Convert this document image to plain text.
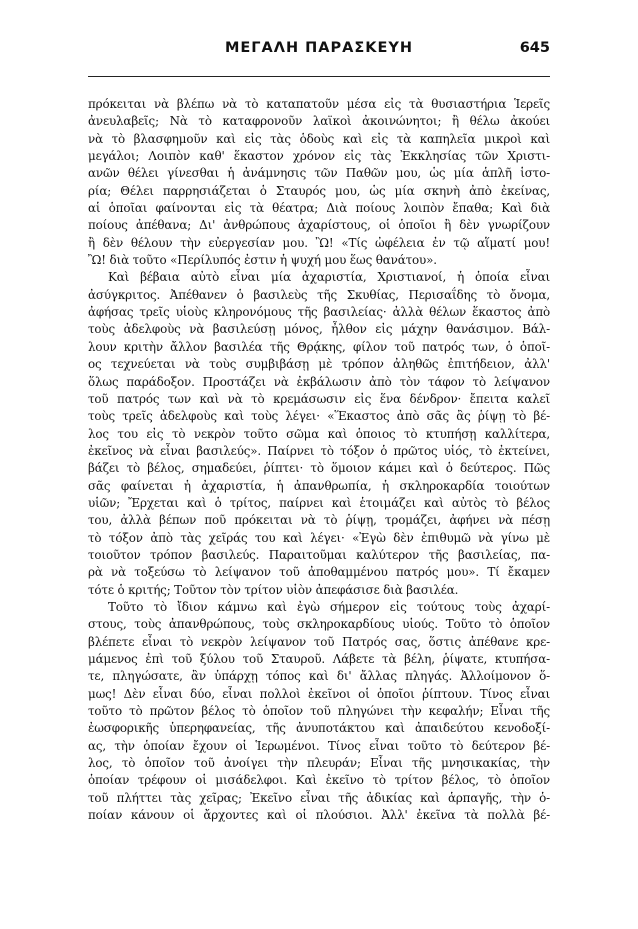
ΜΕΓΑΛΗ ΠΑΡΑΣΚΕΥΗ	645
πρόκειται νὰ βλέπω νὰ τὸ καταπατοῦν μέσα εἰς τὰ θυσιαστήρια Ἱερεῖς
ἀνευλαβεῖς; Νὰ τὸ καταφρονοῦν λαϊκοὶ ἀκοινώνητοι; ἢ θέλω ἀκούει
νὰ τὸ βλασφημοῦν καὶ εἰς τὰς ὁδοὺς καὶ εἰς τὰ καπηλεῖα μικροὶ καὶ
μεγάλοι; Λοιπὸν καθ' ἕκαστον χρόνον εἰς τὰς Ἐκκλησίας τῶν Χριστι-
ανῶν θέλει γίνεσθαι ἡ ἀνάμνησις τῶν Παθῶν μου, ὡς μία ἁπλῆ ἱστο-
ρία; Θέλει παρρησιάζεται ὁ Σταυρός μου, ὡς μία σκηνὴ ἀπὸ ἐκείνας,
αἱ ὁποῖαι φαίνονται εἰς τὰ θέατρα; Διὰ ποίους λοιπὸν ἔπαθα; Καὶ διὰ
ποίους ἀπέθανα; Δι' ἀνθρώπους ἀχαρίστους, οἱ ὁποῖοι ἢ δὲν γνωρίζουν
ἢ δὲν θέλουν τὴν εὐεργεσίαν μου. Ὢ! «Τίς ὠφέλεια ἐν τῷ αἵματί μου!
Ὢ! διὰ τοῦτο «Περίλυπός ἐστιν ἡ ψυχή μου ἕως θανάτου».
Καὶ βέβαια αὐτὸ εἶναι μία ἀχαριστία, Χριστιανοί, ἡ ὁποία εἶναι
ἀσύγκριτος. Ἀπέθανεν ὁ βασιλεὺς τῆς Σκυθίας, Περισαΐδης τὸ ὄνομα,
ἀφήσας τρεῖς υἱοὺς κληρονόμους τῆς βασιλείας· ἀλλὰ θέλων ἕκαστος ἀπὸ
τοὺς ἀδελφοὺς νὰ βασιλεύσῃ μόνος, ἦλθον εἰς μάχην θανάσιμον. Βάλ-
λουν κριτὴν ἄλλον βασιλέα τῆς Θρᾴκης, φίλον τοῦ πατρός των, ὁ ὁποῖ-
ος τεχνεύεται νὰ τοὺς συμβιβάσῃ μὲ τρόπον ἀληθῶς ἐπιτήδειον, ἀλλ'
ὅλως παράδοξον. Προστάζει νὰ ἐκβάλωσιν ἀπὸ τὸν τάφον τὸ λείψανον
τοῦ πατρός των καὶ νὰ τὸ κρεμάσωσιν εἰς ἕνα δένδρον· ἔπειτα καλεῖ
τοὺς τρεῖς ἀδελφοὺς καὶ τοὺς λέγει· «Ἕκαστος ἀπὸ σᾶς ἂς ῥίψῃ τὸ βέ-
λος του εἰς τὸ νεκρὸν τοῦτο σῶμα καὶ ὁποιος τὸ κτυπήσῃ καλλίτερα,
ἐκεῖνος νὰ εἶναι βασιλεύς». Παίρνει τὸ τόξον ὁ πρῶτος υἱός, τὸ ἐκτείνει,
βάζει τὸ βέλος, σημαδεύει, ῥίπτει· τὸ ὅμοιον κάμει καὶ ὁ δεύτερος. Πῶς
σᾶς φαίνεται ἡ ἀχαριστία, ἡ ἀπανθρωπία, ἡ σκληροκαρδία τοιούτων
υἱῶν; Ἔρχεται καὶ ὁ τρίτος, παίρνει καὶ ἑτοιμάζει καὶ αὐτὸς τὸ βέλος
του, ἀλλὰ βέπων ποῦ πρόκειται νὰ τὸ ῥίψῃ, τρομάζει, ἀφήνει νὰ πέσῃ
τὸ τόξον ἀπὸ τὰς χεῖράς του καὶ λέγει· «Ἐγὼ δὲν ἐπιθυμῶ νὰ γίνω μὲ
τοιοῦτον τρόπον βασιλεύς. Παραιτοῦμαι καλύτερον τῆς βασιλείας, πα-
ρὰ νὰ τοξεύσω τὸ λείψανον τοῦ ἀποθαμμένου πατρός μου». Τί ἔκαμεν
τότε ὁ κριτής; Τοῦτον τὸν τρίτον υἱὸν ἀπεφάσισε διὰ βασιλέα.
Τοῦτο τὸ ἴδιον κάμνω καὶ ἐγὼ σήμερον εἰς τούτους τοὺς ἀχαρί-
στους, τοὺς ἀπανθρώπους, τοὺς σκληροκαρδίους υἱούς. Τοῦτο τὸ ὁποῖον
βλέπετε εἶναι τὸ νεκρὸν λείψανον τοῦ Πατρός σας, ὅστις ἀπέθανε κρε-
μάμενος ἐπὶ τοῦ ξύλου τοῦ Σταυροῦ. Λάβετε τὰ βέλη, ῥίψατε, κτυπήσα-
τε, πληγώσατε, ἂν ὑπάρχῃ τόπος καὶ δι' ἄλλας πληγάς. Ἀλλοίμονον ὅ-
μως! Δὲν εἶναι δύο, εἶναι πολλοὶ ἐκεῖνοι οἱ ὁποῖοι ῥίπτουν. Τίνος εἶναι
τοῦτο τὸ πρῶτον βέλος τὸ ὁποῖον τοῦ πληγώνει τὴν κεφαλήν; Εἶναι τῆς
ἐωσφορικῆς ὑπερηφανείας, τῆς ἀνυποτάκτου καὶ ἀπαιδεύτου κενοδοξί-
ας, τὴν ὁποίαν ἔχουν οἱ Ἱερωμένοι. Τίνος εἶναι τοῦτο τὸ δεύτερον βέ-
λος, τὸ ὁποῖον τοῦ ἀνοίγει τὴν πλευράν; Εἶναι τῆς μνησικακίας, τὴν
ὁποίαν τρέφουν οἱ μισάδελφοι. Καὶ ἐκεῖνο τὸ τρίτον βέλος, τὸ ὁποῖον
τοῦ πλήττει τὰς χεῖρας; Ἐκεῖνο εἶναι τῆς ἀδικίας καὶ ἁρπαγῆς, τὴν ὁ-
ποίαν κάνουν οἱ ἄρχοντες καὶ οἱ πλούσιοι. Ἀλλ' ἐκεῖνα τὰ πολλὰ βέ-
